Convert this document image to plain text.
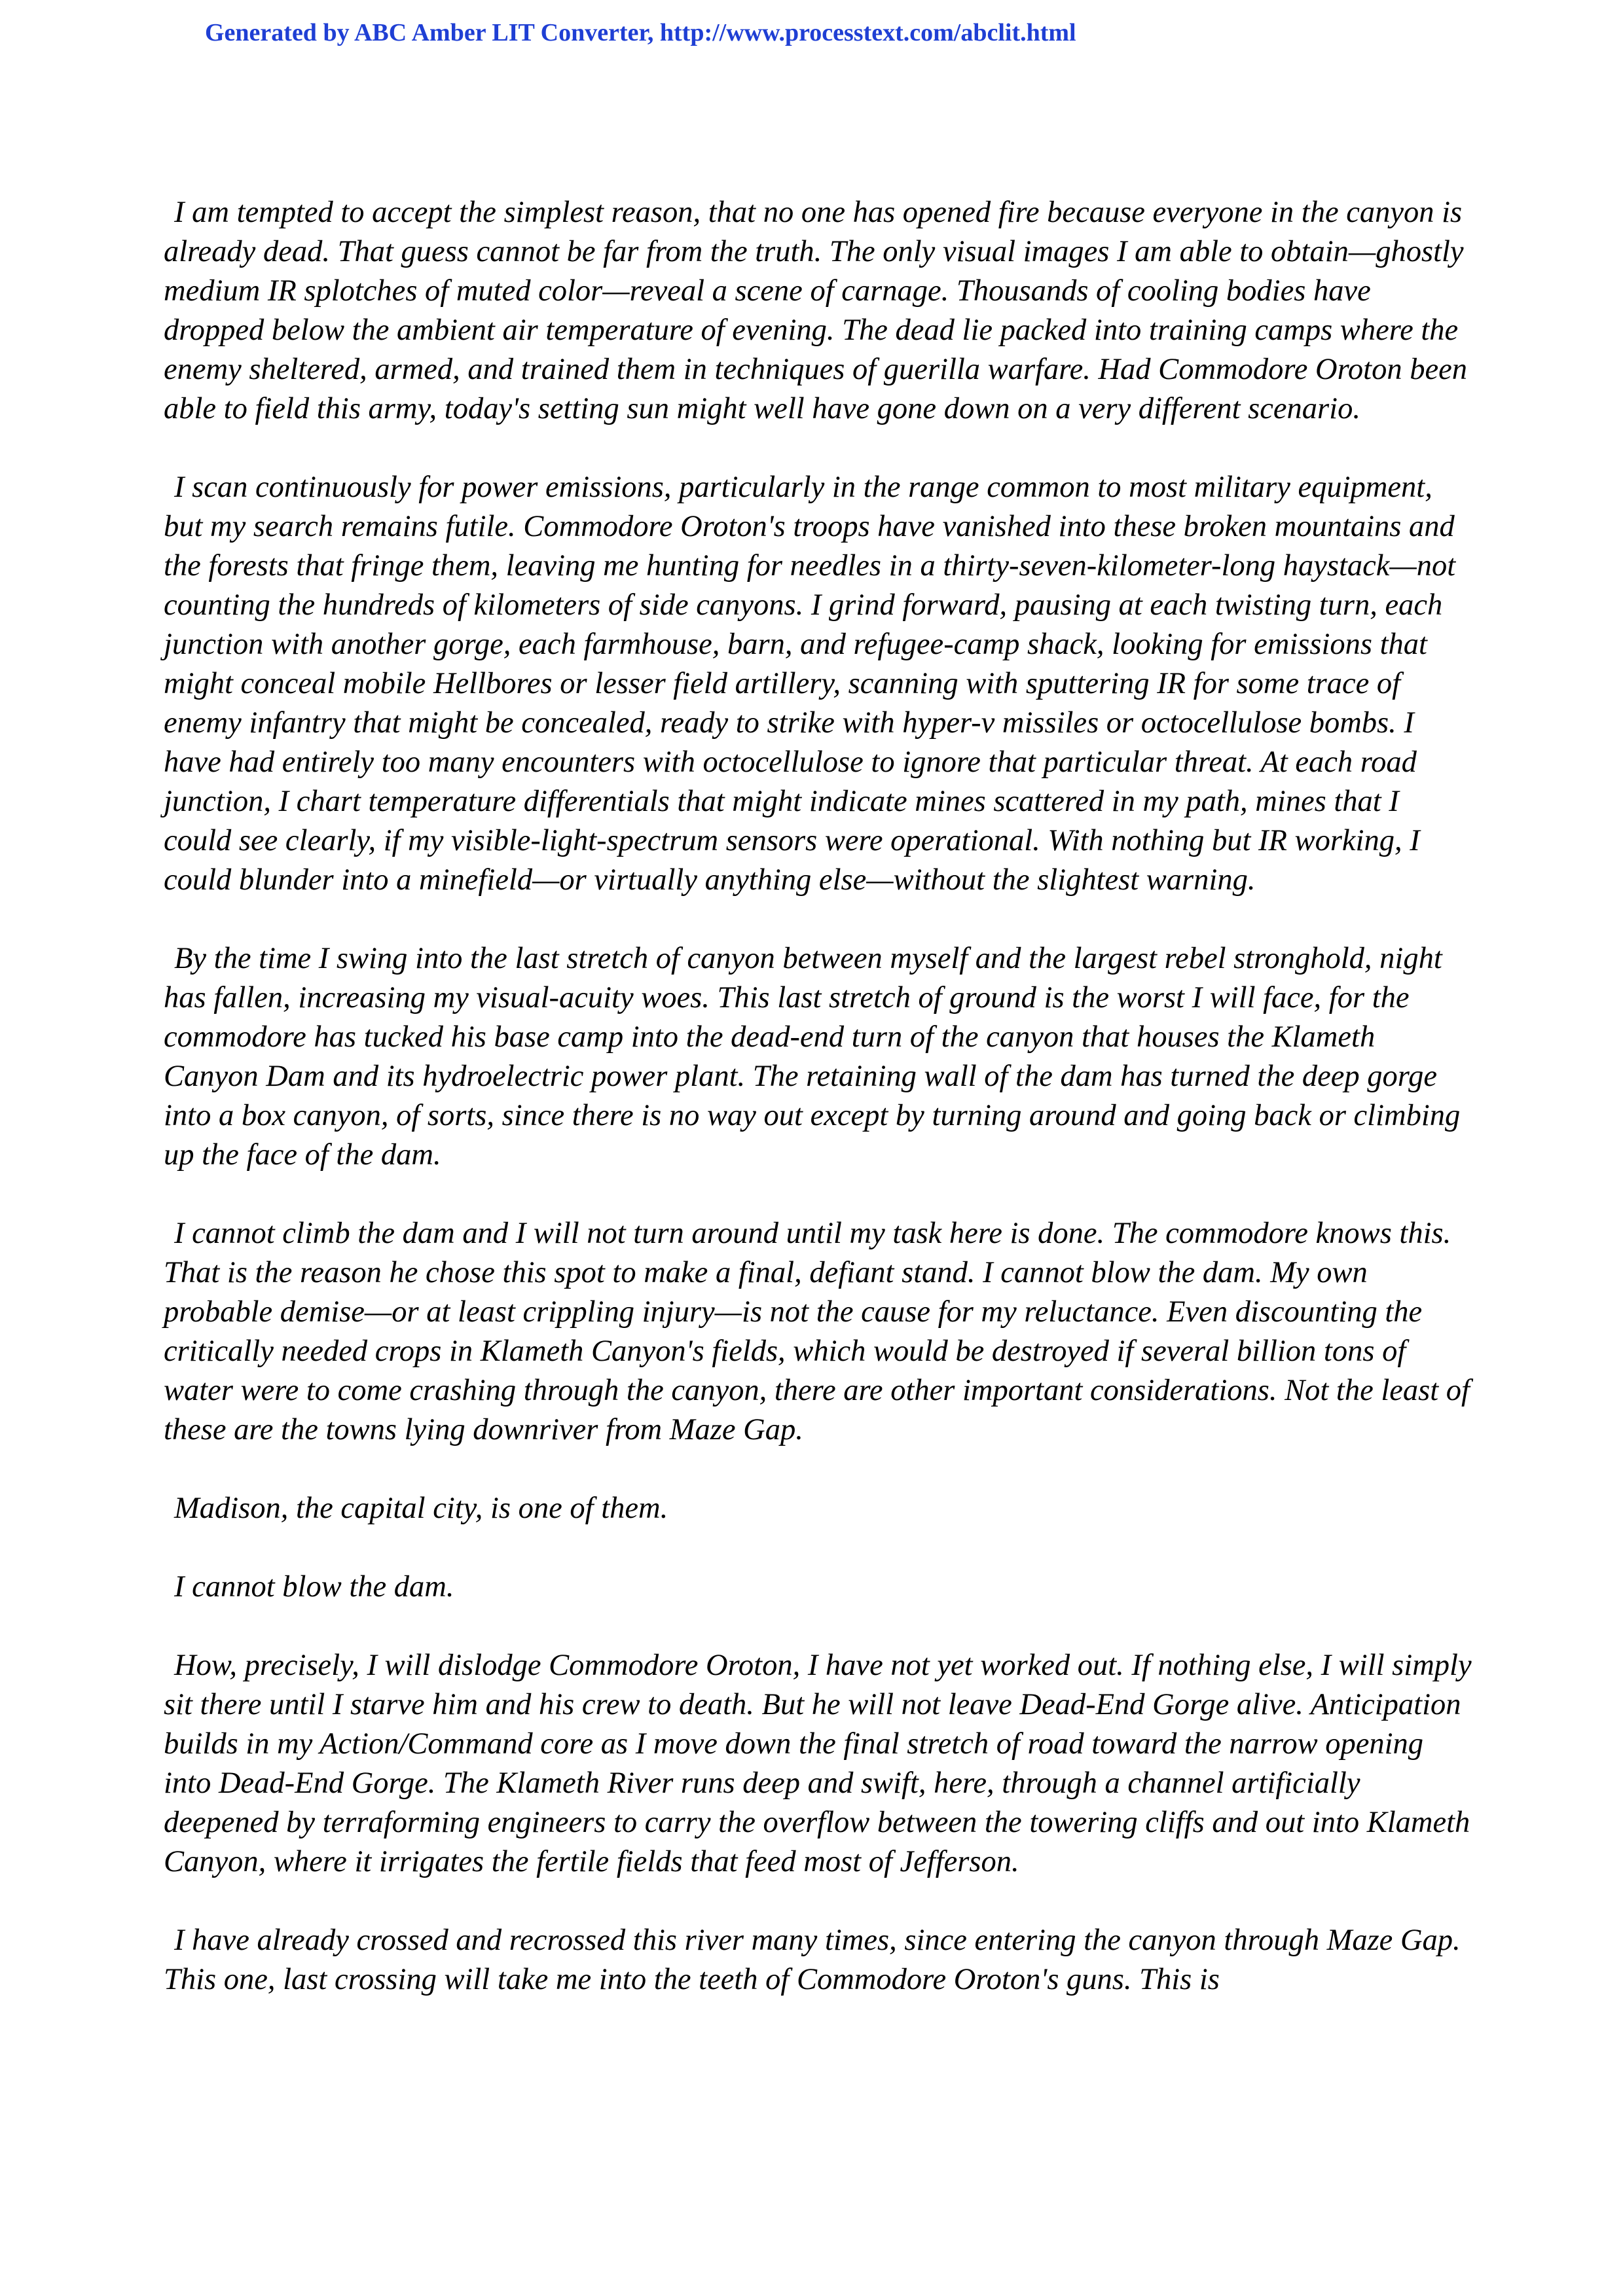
Generated by ABC Amber LIT Converter, http://www.processtext.com/abclit.html

I am tempted to accept the simplest reason, that no one has opened fire because everyone in the canyon is already dead. That guess cannot be far from the truth. The only visual images I am able to obtain—ghostly medium IR splotches of muted color—reveal a scene of carnage. Thousands of cooling bodies have dropped below the ambient air temperature of evening. The dead lie packed into training camps where the enemy sheltered, armed, and trained them in techniques of guerilla warfare. Had Commodore Oroton been able to field this army, today's setting sun might well have gone down on a very different scenario.

I scan continuously for power emissions, particularly in the range common to most military equipment, but my search remains futile. Commodore Oroton's troops have vanished into these broken mountains and the forests that fringe them, leaving me hunting for needles in a thirty-seven-kilometer-long haystack—not counting the hundreds of kilometers of side canyons. I grind forward, pausing at each twisting turn, each junction with another gorge, each farmhouse, barn, and refugee-camp shack, looking for emissions that might conceal mobile Hellbores or lesser field artillery, scanning with sputtering IR for some trace of enemy infantry that might be concealed, ready to strike with hyper-v missiles or octocellulose bombs. I have had entirely too many encounters with octocellulose to ignore that particular threat. At each road junction, I chart temperature differentials that might indicate mines scattered in my path, mines that I could see clearly, if my visible-light-spectrum sensors were operational. With nothing but IR working, I could blunder into a minefield—or virtually anything else—without the slightest warning.

By the time I swing into the last stretch of canyon between myself and the largest rebel stronghold, night has fallen, increasing my visual-acuity woes. This last stretch of ground is the worst I will face, for the commodore has tucked his base camp into the dead-end turn of the canyon that houses the Klameth Canyon Dam and its hydroelectric power plant. The retaining wall of the dam has turned the deep gorge into a box canyon, of sorts, since there is no way out except by turning around and going back or climbing up the face of the dam.

I cannot climb the dam and I will not turn around until my task here is done. The commodore knows this. That is the reason he chose this spot to make a final, defiant stand. I cannot blow the dam. My own probable demise—or at least crippling injury—is not the cause for my reluctance. Even discounting the critically needed crops in Klameth Canyon's fields, which would be destroyed if several billion tons of water were to come crashing through the canyon, there are other important considerations. Not the least of these are the towns lying downriver from Maze Gap.

Madison, the capital city, is one of them.

I cannot blow the dam.

How, precisely, I will dislodge Commodore Oroton, I have not yet worked out. If nothing else, I will simply sit there until I starve him and his crew to death. But he will not leave Dead-End Gorge alive. Anticipation builds in my Action/Command core as I move down the final stretch of road toward the narrow opening into Dead-End Gorge. The Klameth River runs deep and swift, here, through a channel artificially deepened by terraforming engineers to carry the overflow between the towering cliffs and out into Klameth Canyon, where it irrigates the fertile fields that feed most of Jefferson.

I have already crossed and recrossed this river many times, since entering the canyon through Maze Gap. This one, last crossing will take me into the teeth of Commodore Oroton's guns. This is
